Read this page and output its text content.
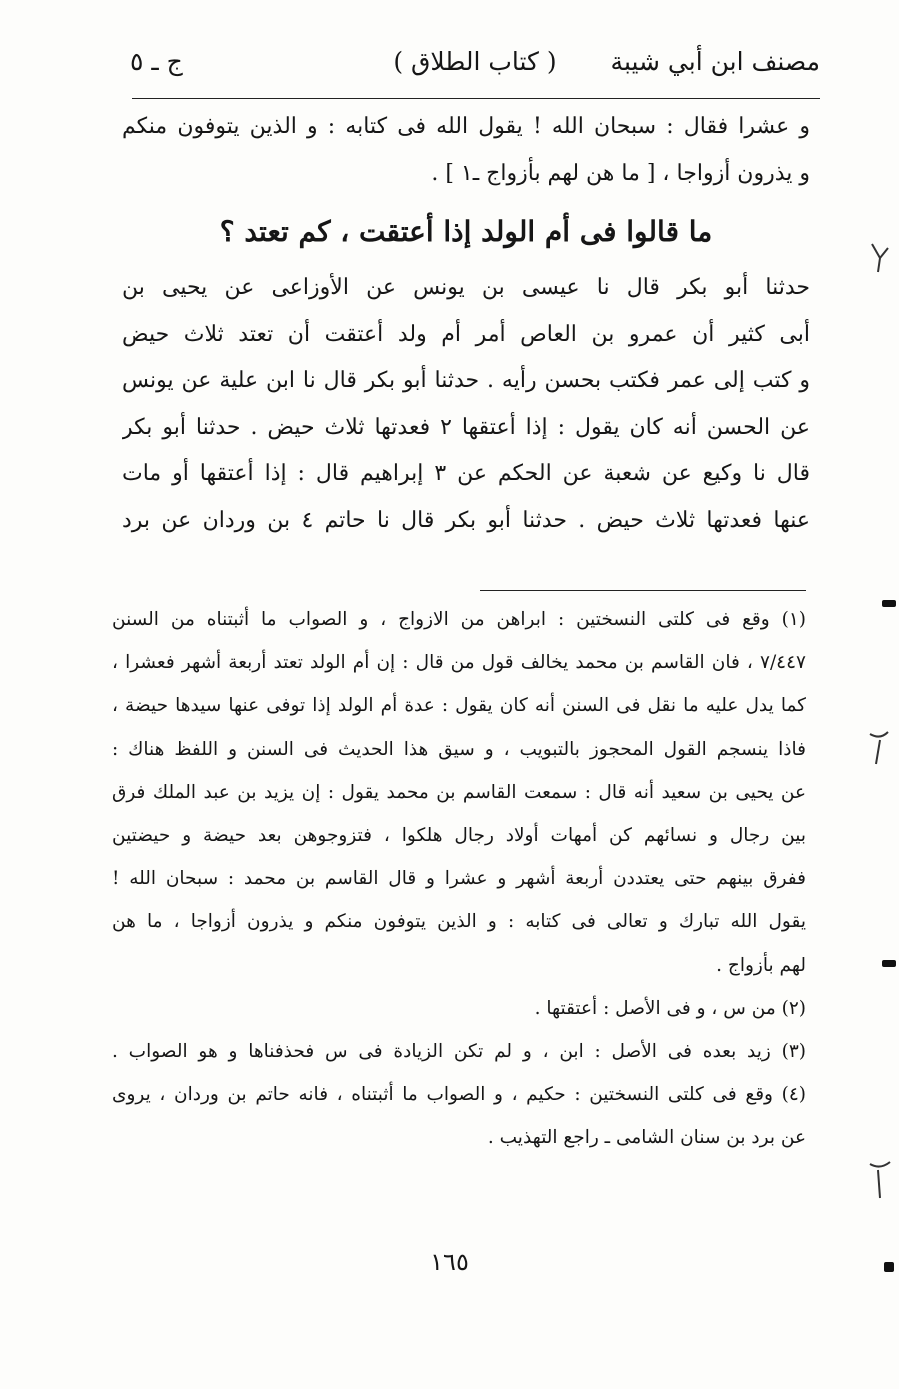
مصنف ابن أبي شيبة
( كتاب الطلاق )
ج ـ ٥

و عشرا فقال : سبحان الله ! يقول الله فى كتابه : و الذين يتوفون منكم

و يذرون أزواجا ، [ ما هن لهم بأزواج ـ١ ] .

ما قالوا فى أم الولد إذا أعتقت ، كم تعتد ؟

حدثنا أبو بكر قال نا عيسى بن يونس عن الأوزاعى عن يحيى بن

أبى كثير أن عمرو بن العاص أمر أم ولد أعتقت أن تعتد ثلاث حيض

و كتب إلى عمر فكتب بحسن رأيه . حدثنا أبو بكر قال نا ابن علية عن يونس

عن الحسن أنه كان يقول : إذا أعتقها ٢ فعدتها ثلاث حيض . حدثنا أبو بكر

قال نا وكيع عن شعبة عن الحكم عن ٣ إبراهيم قال : إذا أعتقها أو مات

عنها فعدتها ثلاث حيض . حدثنا أبو بكر قال نا حاتم ٤ بن وردان عن برد

(١) وقع فى كلتى النسختين : ابراهن من الازواج ، و الصواب ما أثبتناه من السنن

٧/٤٤٧ ، فان القاسم بن محمد يخالف قول من قال : إن أم الولد تعتد أربعة أشهر فعشرا ،

كما يدل عليه ما نقل فى السنن أنه كان يقول : عدة أم الولد إذا توفى عنها سيدها حيضة ،

فاذا ينسجم القول المحجوز بالتبويب ، و سيق هذا الحديث فى السنن و اللفظ هناك :

عن يحيى بن سعيد أنه قال : سمعت القاسم بن محمد يقول : إن يزيد بن عبد الملك فرق

بين رجال و نسائهم كن أمهات أولاد رجال هلكوا ، فتزوجوهن بعد حيضة و حيضتين

ففرق بينهم حتى يعتددن أربعة أشهر و عشرا و قال القاسم بن محمد : سبحان الله !

يقول الله تبارك و تعالى فى كتابه : و الذين يتوفون منكم و يذرون أزواجا ، ما هن

لهم بأزواج .

(٢) من س ، و فى الأصل : أعتقتها .

(٣) زيد بعده فى الأصل : ابن ، و لم تكن الزيادة فى س فحذفناها و هو الصواب .

(٤) وقع فى كلتى النسختين : حكيم ، و الصواب ما أثبتناه ، فانه حاتم بن وردان ، يروى

عن برد بن سنان الشامى ـ راجع التهذيب .

١٦٥
